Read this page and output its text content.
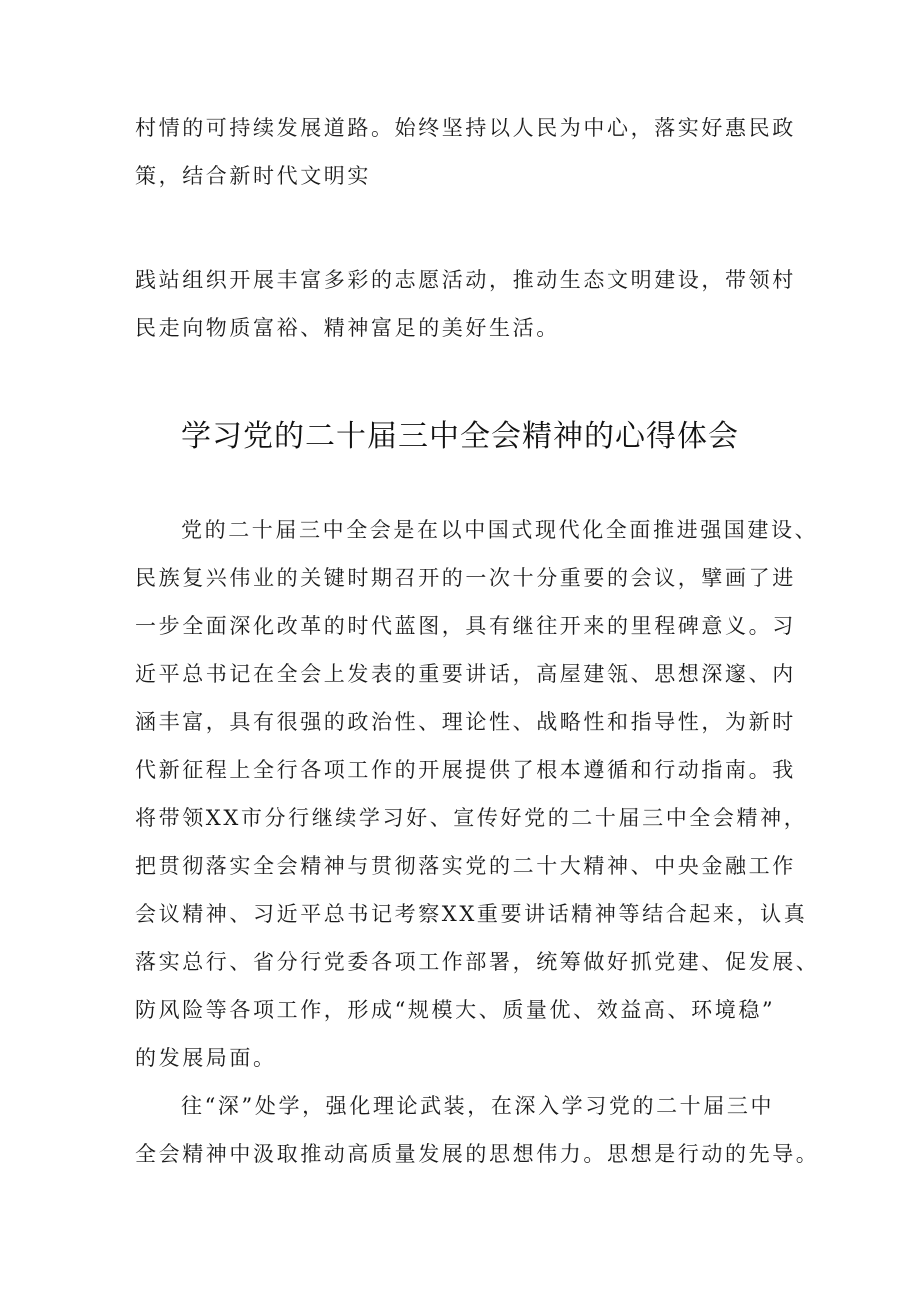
村情的可持续发展道路。始终坚持以人民为中心，落实好惠民政
策，结合新时代文明实
践站组织开展丰富多彩的志愿活动，推动生态文明建设，带领村
民走向物质富裕、精神富足的美好生活。
学习党的二十届三中全会精神的心得体会
党的二十届三中全会是在以中国式现代化全面推进强国建设、
民族复兴伟业的关键时期召开的一次十分重要的会议，擘画了进
一步全面深化改革的时代蓝图，具有继往开来的里程碑意义。习
近平总书记在全会上发表的重要讲话，高屋建瓴、思想深邃、内
涵丰富，具有很强的政治性、理论性、战略性和指导性，为新时
代新征程上全行各项工作的开展提供了根本遵循和行动指南。我
将带领XX市分行继续学习好、宣传好党的二十届三中全会精神，
把贯彻落实全会精神与贯彻落实党的二十大精神、中央金融工作
会议精神、习近平总书记考察XX重要讲话精神等结合起来，认真
落实总行、省分行党委各项工作部署，统筹做好抓党建、促发展、
防风险等各项工作，形成“规模大、质量优、效益高、环境稳”
的发展局面。
往“深”处学，强化理论武装，在深入学习党的二十届三中
全会精神中汲取推动高质量发展的思想伟力。思想是行动的先导。
